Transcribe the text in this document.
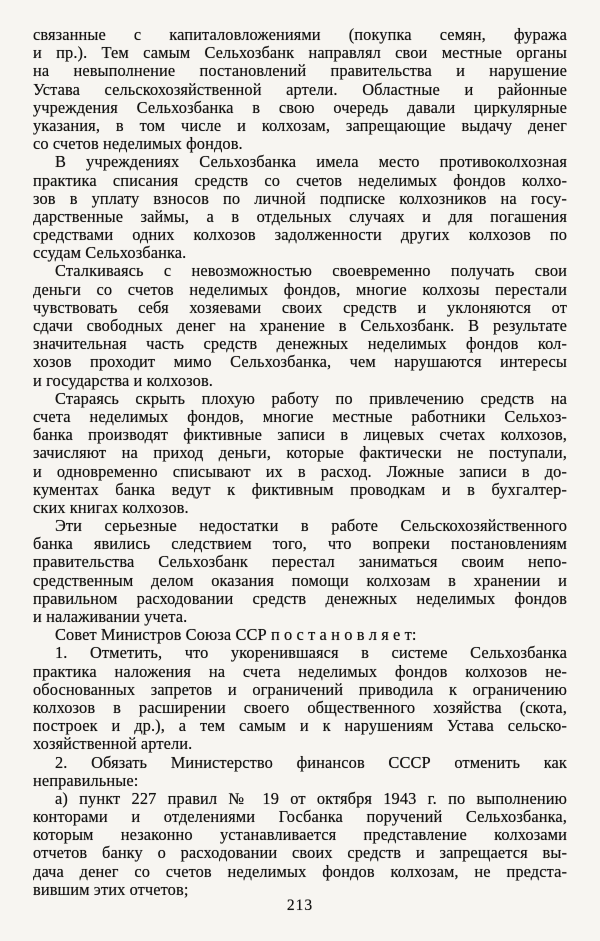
связанные с капиталовложениями (покупка семян, фуража
и пр.). Тем самым Сельхозбанк направлял свои местные органы
на невыполнение постановлений правительства и нарушение
Устава сельскохозяйственной артели. Областные и районные
учреждения Сельхозбанка в свою очередь давали циркулярные
указания, в том числе и колхозам, запрещающие выдачу денег
со счетов неделимых фондов.
В учреждениях Сельхозбанка имела место противоколхозная
практика списания средств со счетов неделимых фондов колхо-
зов в уплату взносов по личной подписке колхозников на госу-
дарственные займы, а в отдельных случаях и для погашения
средствами одних колхозов задолженности других колхозов по
ссудам Сельхозбанка.
Сталкиваясь с невозможностью своевременно получать свои
деньги со счетов неделимых фондов, многие колхозы перестали
чувствовать себя хозяевами своих средств и уклоняются от
сдачи свободных денег на хранение в Сельхозбанк. В результате
значительная часть средств денежных неделимых фондов кол-
хозов проходит мимо Сельхозбанка, чем нарушаются интересы
и государства и колхозов.
Стараясь скрыть плохую работу по привлечению средств на
счета неделимых фондов, многие местные работники Сельхоз-
банка производят фиктивные записи в лицевых счетах колхозов,
зачисляют на приход деньги, которые фактически не поступали,
и одновременно списывают их в расход. Ложные записи в до-
кументах банка ведут к фиктивным проводкам и в бухгалтер-
ских книгах колхозов.
Эти серьезные недостатки в работе Сельскохозяйственного
банка явились следствием того, что вопреки постановлениям
правительства Сельхозбанк перестал заниматься своим непо-
средственным делом оказания помощи колхозам в хранении и
правильном расходовании средств денежных неделимых фондов
и налаживании учета.
Совет Министров Союза ССР п о с т а н о в л я е т:
1. Отметить, что укоренившаяся в системе Сельхозбанка
практика наложения на счета неделимых фондов колхозов не-
обоснованных запретов и ограничений приводила к ограничению
колхозов в расширении своего общественного хозяйства (скота,
построек и др.), а тем самым и к нарушениям Устава сельско-
хозяйственной артели.
2. Обязать Министерство финансов СССР отменить как
неправильные:
а) пункт 227 правил № 19 от октября 1943 г. по выполнению
конторами и отделениями Госбанка поручений Сельхозбанка,
которым незаконно устанавливается представление колхозами
отчетов банку о расходовании своих средств и запрещается вы-
дача денег со счетов неделимых фондов колхозам, не предста-
вившим этих отчетов;
213
